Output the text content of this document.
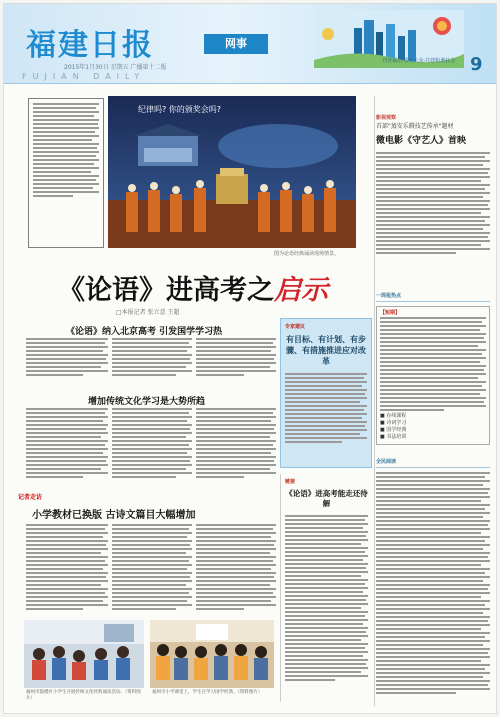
福建日报	网事
2015年1月30日 星期五 广播第十二版
FUJIAN DAILY
刊登诚信·服务大众·共建和谐社会 9
纪律吗? 你的颁奖会吗?
图为论语经典诵读现场情景。
《论语》进高考之启示
□本报记者 张立意 王超
《论语》纳入北京高考 引发国学学习热
增加传统文化学习是大势所趋
记者走访
小学教材已换版 古诗文篇目大幅增加
福州市鼓楼区小学生开展传统文化经典诵读活动。（资料图片）
福州市小学课堂上，学生在学习国学经典。（资料图片）
专家建议
有目标、有计划、有步骤、有措施推进应对改革
链接
《论语》进高考能走还待解
影视观察
首部"蒸安乐腾技艺传承"题材
微电影《守艺人》首映
一周报热点
【短期】
■ 在线课程
■ 诗词学习
■ 国学经典
■ 书法培训
全民阅读
